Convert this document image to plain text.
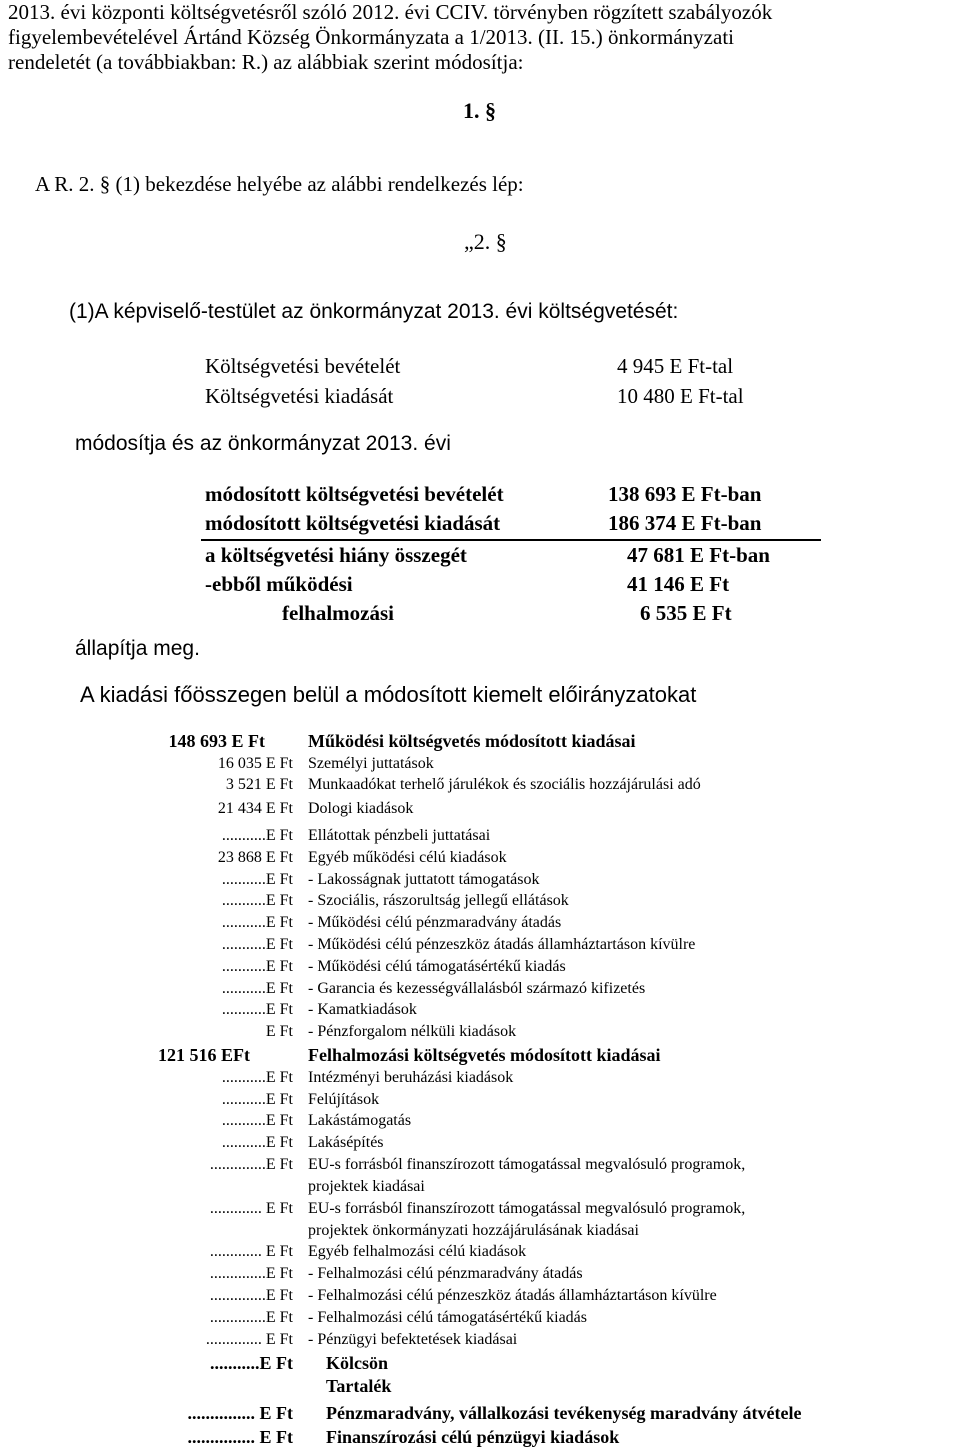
2013. évi központi költségvetésről szóló 2012. évi CCIV. törvényben rögzített szabályozók
figyelembevételével Ártánd Község Önkormányzata a 1/2013. (II. 15.) önkormányzati
rendeletét (a továbbiakban: R.) az alábbiak szerint módosítja:
1. §
A R. 2. § (1) bekezdése helyébe az alábbi rendelkezés lép:
„2. §
(1)A képviselő-testület az önkormányzat 2013. évi költségvetését:
Költségvetési bevételét	4 945 E Ft-tal
Költségvetési kiadását	10 480 E Ft-tal
módosítja és az önkormányzat 2013. évi
módosított költségvetési bevételét	138 693 E Ft-ban
módosított költségvetési kiadását	186 374 E Ft-ban
a költségvetési hiány összegét	47 681 E Ft-ban
-ebből működési	41 146 E Ft
felhalmozási	6 535 E Ft
állapítja meg.
A kiadási főösszegen belül a módosított kiemelt előirányzatokat
148 693 E Ft Működési költségvetés módosított kiadásai
16 035 E Ft Személyi juttatások
3 521 E Ft Munkaadókat terhelő járulékok és szociális hozzájárulási adó
21 434 E Ft Dologi kiadások
...........E Ft Ellátottak pénzbeli juttatásai
23 868 E Ft Egyéb működési célú kiadások
...........E Ft - Lakosságnak juttatott támogatások
...........E Ft - Szociális, rászorultság jellegű ellátások
...........E Ft - Működési célú pénzmaradvány átadás
...........E Ft - Működési célú pénzeszköz átadás államháztartáson kívülre
...........E Ft - Működési célú támogatásértékű kiadás
...........E Ft - Garancia és kezességvállalásból származó kifizetés
...........E Ft - Kamatkiadások
E Ft - Pénzforgalom nélküli kiadások
121 516 EFt	Felhalmozási költségvetés módosított kiadásai
...........E Ft Intézményi beruházási kiadások
...........E Ft Felújítások
...........E Ft Lakástámogatás
...........E Ft Lakásépítés
..............E Ft EU-s forrásból finanszírozott támogatással megvalósuló programok,
projektek kiadásai
............. E Ft EU-s forrásból finanszírozott támogatással megvalósuló programok,
projektek önkormányzati hozzájárulásának kiadásai
............. E Ft Egyéb felhalmozási célú kiadások
..............E Ft - Felhalmozási célú pénzmaradvány átadás
..............E Ft - Felhalmozási célú pénzeszköz átadás államháztartáson kívülre
..............E Ft - Felhalmozási célú támogatásértékű kiadás
.............. E Ft - Pénzügyi befektetések kiadásai
...........E Ft Kölcsön
Tartalék
............... E Ft Pénzmaradvány, vállalkozási tevékenység maradvány átvétele
............... E Ft Finanszírozási célú pénzügyi kiadások
